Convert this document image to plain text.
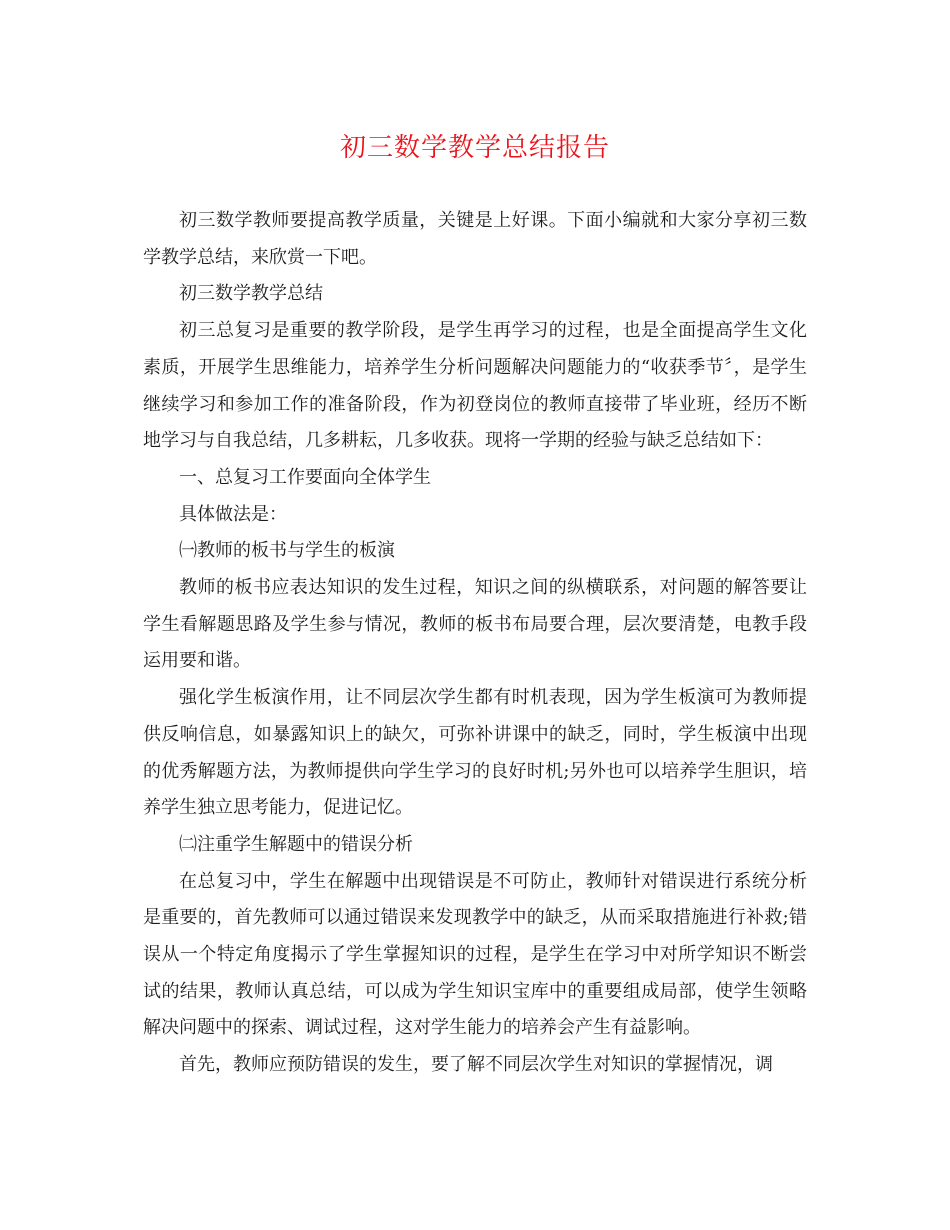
初三数学教学总结报告

初三数学教师要提高教学质量，关键是上好课。下面小编就和大家分享初三数学教学总结，来欣赏一下吧。

初三数学教学总结

初三总复习是重要的教学阶段，是学生再学习的过程，也是全面提高学生文化素质，开展学生思维能力，培养学生分析问题解决问题能力的“收获季节〞，是学生继续学习和参加工作的准备阶段，作为初登岗位的教师直接带了毕业班，经历不断地学习与自我总结，几多耕耘，几多收获。现将一学期的经验与缺乏总结如下：

一、总复习工作要面向全体学生

具体做法是：

㈠教师的板书与学生的板演

教师的板书应表达知识的发生过程，知识之间的纵横联系，对问题的解答要让学生看解题思路及学生参与情况，教师的板书布局要合理，层次要清楚，电教手段运用要和谐。

强化学生板演作用，让不同层次学生都有时机表现，因为学生板演可为教师提供反响信息，如暴露知识上的缺欠，可弥补讲课中的缺乏，同时，学生板演中出现的优秀解题方法，为教师提供向学生学习的良好时机;另外也可以培养学生胆识，培养学生独立思考能力，促进记忆。

㈡注重学生解题中的错误分析

在总复习中，学生在解题中出现错误是不可防止，教师针对错误进行系统分析是重要的，首先教师可以通过错误来发现教学中的缺乏，从而采取措施进行补救;错误从一个特定角度揭示了学生掌握知识的过程，是学生在学习中对所学知识不断尝试的结果，教师认真总结，可以成为学生知识宝库中的重要组成局部，使学生领略解决问题中的探索、调试过程，这对学生能力的培养会产生有益影响。

首先，教师应预防错误的发生，要了解不同层次学生对知识的掌握情况，调
